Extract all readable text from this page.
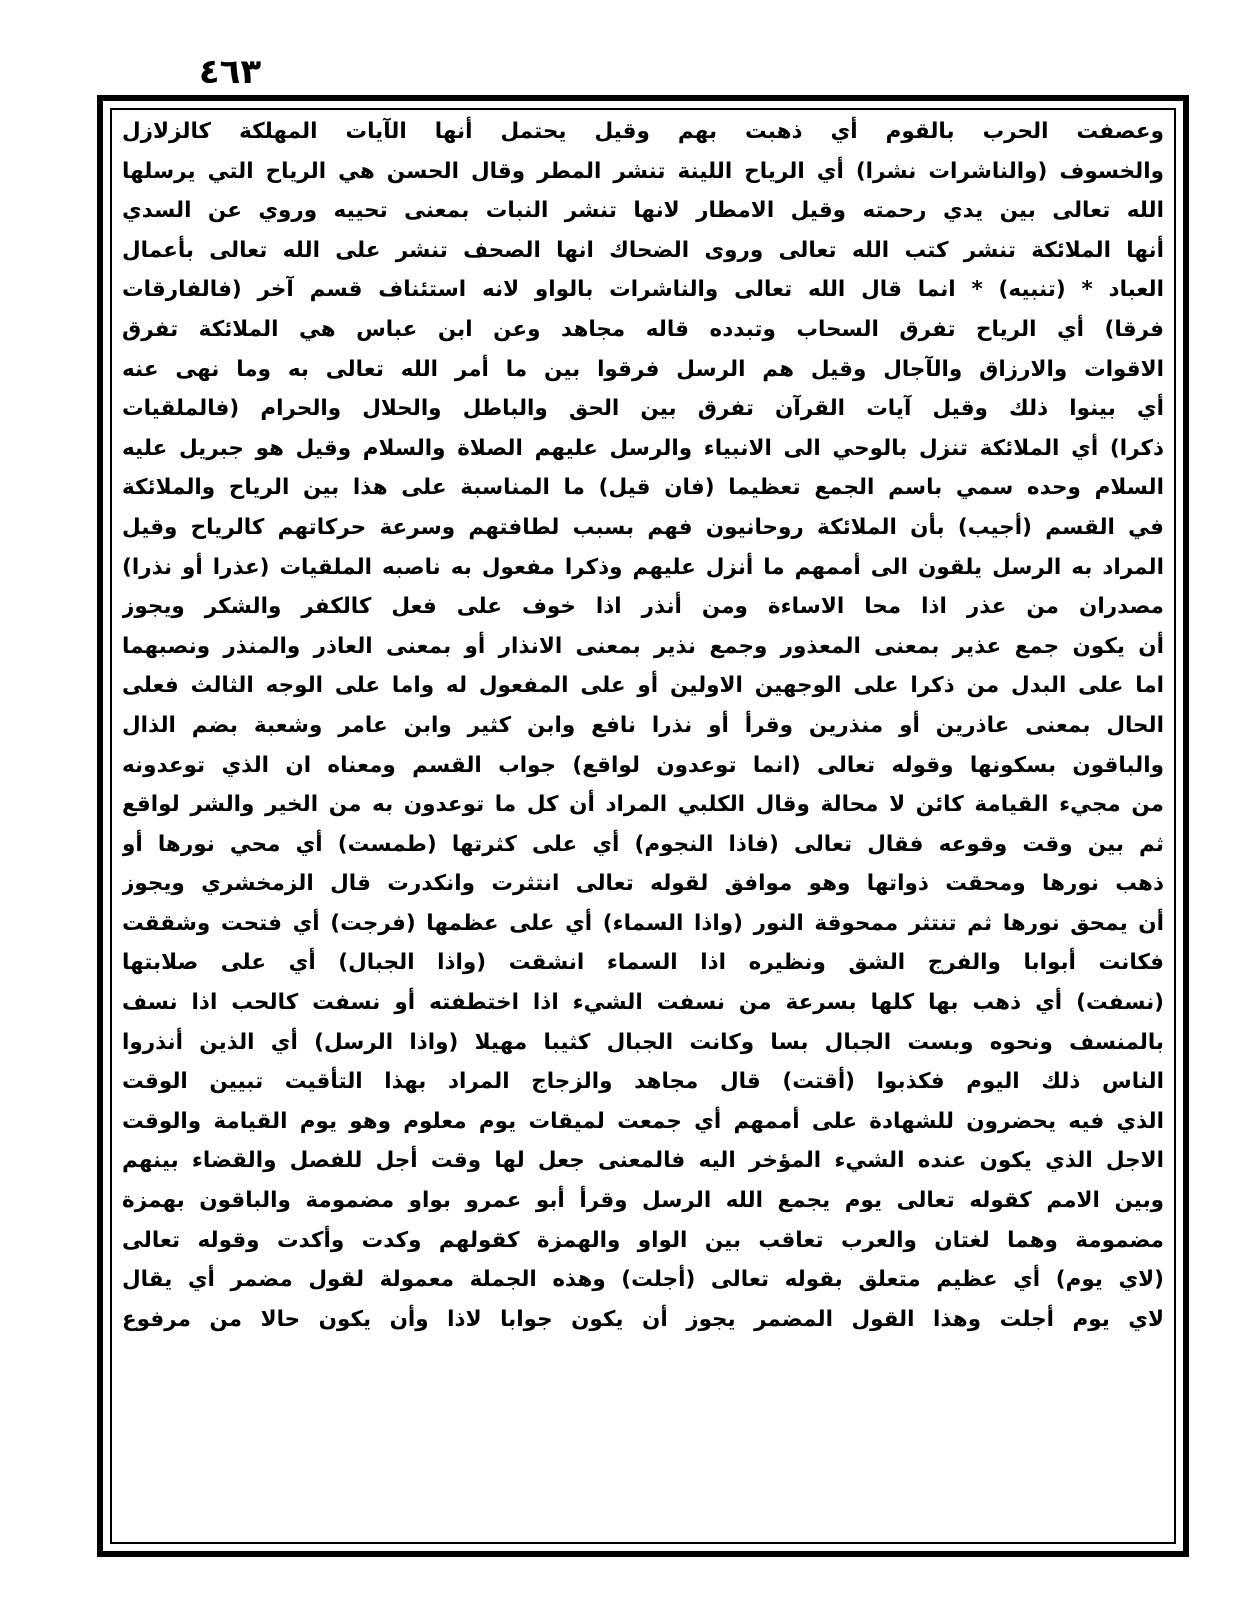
٤٦٣
وعصفت الحرب بالقوم أي ذهبت بهم وقيل يحتمل أنها الآيات المهلكة كالزلازل
والخسوف (والناشرات نشرا) أي الرياح اللينة تنشر المطر وقال الحسن هي الرياح التي يرسلها
الله تعالى بين يدي رحمته وقيل الامطار لانها تنشر النبات بمعنى تحييه وروي عن السدي
أنها الملائكة تنشر كتب الله تعالى وروى الضحاك انها الصحف تنشر على الله تعالى بأعمال
العباد * (تنبيه) * انما قال الله تعالى والناشرات بالواو لانه استئناف قسم آخر (فالفارقات
فرقا) أي الرياح تفرق السحاب وتبدده قاله مجاهد وعن ابن عباس هي الملائكة تفرق
الاقوات والارزاق والآجال وقيل هم الرسل فرقوا بين ما أمر الله تعالى به وما نهى عنه
أي بينوا ذلك وقيل آيات القرآن تفرق بين الحق والباطل والحلال والحرام (فالملقيات
ذكرا) أي الملائكة تنزل بالوحي الى الانبياء والرسل عليهم الصلاة والسلام وقيل هو جبريل عليه
السلام وحده سمي باسم الجمع تعظيما (فان قيل) ما المناسبة على هذا بين الرياح والملائكة
في القسم (أجيب) بأن الملائكة روحانيون فهم بسبب لطافتهم وسرعة حركاتهم كالرياح وقيل
المراد به الرسل يلقون الى أممهم ما أنزل عليهم وذكرا مفعول به ناصبه الملقيات (عذرا أو نذرا)
مصدران من عذر اذا محا الاساءة ومن أنذر اذا خوف على فعل كالكفر والشكر ويجوز
أن يكون جمع عذير بمعنى المعذور وجمع نذير بمعنى الانذار أو بمعنى العاذر والمنذر ونصبهما
اما على البدل من ذكرا على الوجهين الاولين أو على المفعول له واما على الوجه الثالث فعلى
الحال بمعنى عاذرين أو منذرين وقرأ أو نذرا نافع وابن كثير وابن عامر وشعبة بضم الذال
والباقون بسكونها وقوله تعالى (انما توعدون لواقع) جواب القسم ومعناه ان الذي توعدونه
من مجيء القيامة كائن لا محالة وقال الكلبي المراد أن كل ما توعدون به من الخير والشر لواقع
ثم بين وقت وقوعه فقال تعالى (فاذا النجوم) أي على كثرتها (طمست) أي محي نورها أو
ذهب نورها ومحقت ذواتها وهو موافق لقوله تعالى انتثرت وانكدرت قال الزمخشري ويجوز
أن يمحق نورها ثم تنتثر ممحوقة النور (واذا السماء) أي على عظمها (فرجت) أي فتحت وشققت
فكانت أبوابا والفرج الشق ونظيره اذا السماء انشقت (واذا الجبال) أي على صلابتها
(نسفت) أي ذهب بها كلها بسرعة من نسفت الشيء اذا اختطفته أو نسفت كالحب اذا نسف
بالمنسف ونحوه وبست الجبال بسا وكانت الجبال كثيبا مهيلا (واذا الرسل) أي الذين أنذروا
الناس ذلك اليوم فكذبوا (أقتت) قال مجاهد والزجاج المراد بهذا التأقيت تبيين الوقت
الذي فيه يحضرون للشهادة على أممهم أي جمعت لميقات يوم معلوم وهو يوم القيامة والوقت
الاجل الذي يكون عنده الشيء المؤخر اليه فالمعنى جعل لها وقت أجل للفصل والقضاء بينهم
وبين الامم كقوله تعالى يوم يجمع الله الرسل وقرأ أبو عمرو بواو مضمومة والباقون بهمزة
مضمومة وهما لغتان والعرب تعاقب بين الواو والهمزة كقولهم وكدت وأكدت وقوله تعالى
(لاي يوم) أي عظيم متعلق بقوله تعالى (أجلت) وهذه الجملة معمولة لقول مضمر أي يقال
لاي يوم أجلت وهذا القول المضمر يجوز أن يكون جوابا لاذا وأن يكون حالا من مرفوع
